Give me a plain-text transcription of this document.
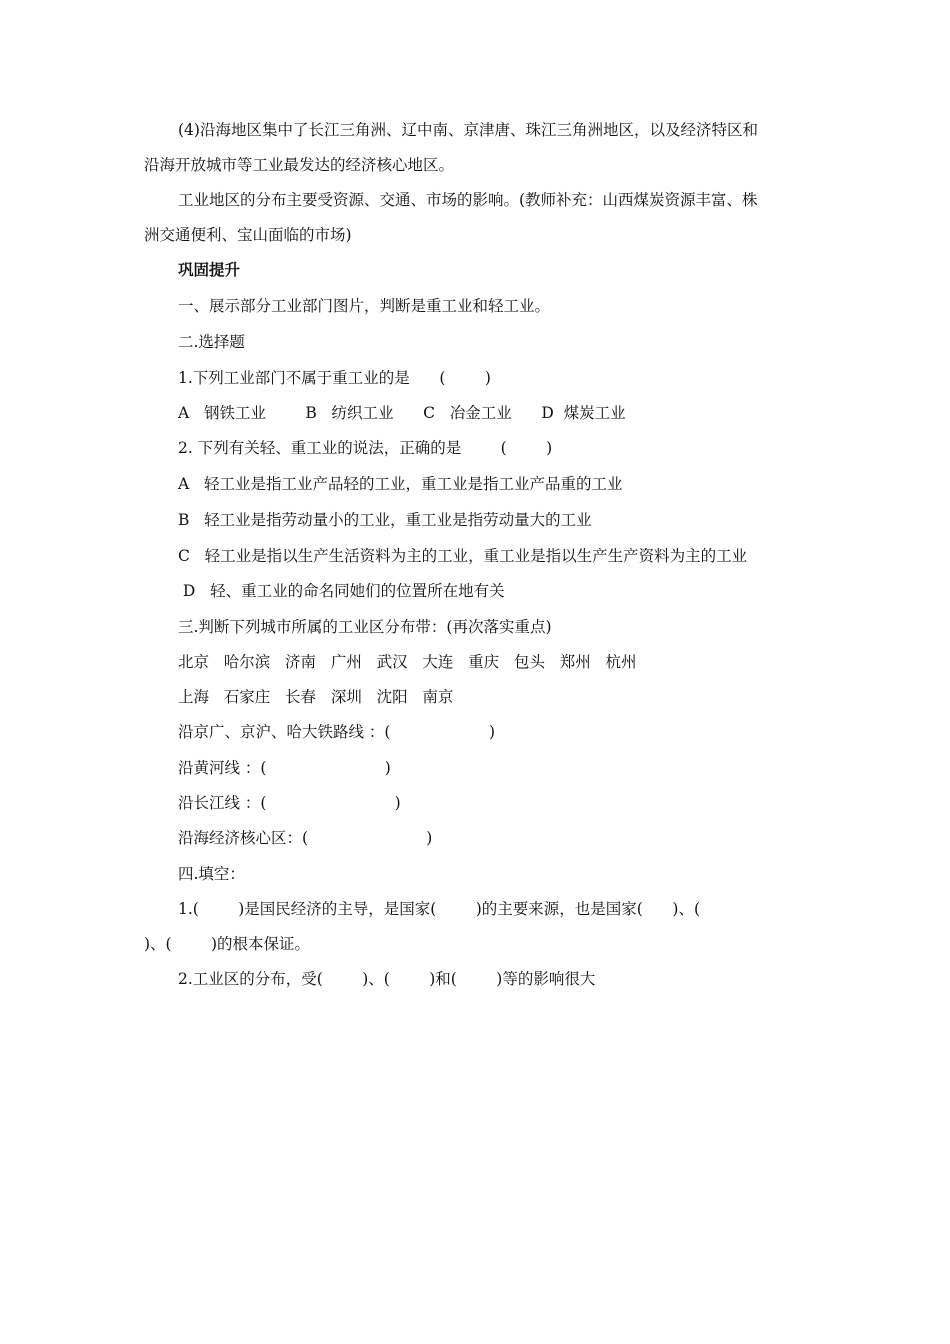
(4)沿海地区集中了长江三角洲、辽中南、京津唐、珠江三角洲地区，以及经济特区和
沿海开放城市等工业最发达的经济核心地区。
工业地区的分布主要受资源、交通、市场的影响。(教师补充：山西煤炭资源丰富、株
洲交通便利、宝山面临的市场)
巩固提升
一、展示部分工业部门图片，判断是重工业和轻工业。
二.选择题
1.下列工业部门不属于重工业的是      (        )
A   钢铁工业        B   纺织工业      C   冶金工业      D  煤炭工业
2. 下列有关轻、重工业的说法，正确的是        (        )
A   轻工业是指工业产品轻的工业，重工业是指工业产品重的工业
B   轻工业是指劳动量小的工业，重工业是指劳动量大的工业
C   轻工业是指以生产生活资料为主的工业，重工业是指以生产生产资料为主的工业
D   轻、重工业的命名同她们的位置所在地有关
三.判断下列城市所属的工业区分布带：(再次落实重点)
北京   哈尔滨   济南   广州   武汉   大连   重庆   包头   郑州   杭州
上海   石家庄   长春   深圳   沈阳   南京
沿京广、京沪、哈大铁路线 ：(                    )
沿黄河线 ：(                        )
沿长江线 ：(                          )
沿海经济核心区：(                        )
四.填空：
1.(        )是国民经济的主导，是国家(        )的主要来源，也是国家(      )、(
)、(        )的根本保证。
2.工业区的分布，受(        )、(        )和(        )等的影响很大
